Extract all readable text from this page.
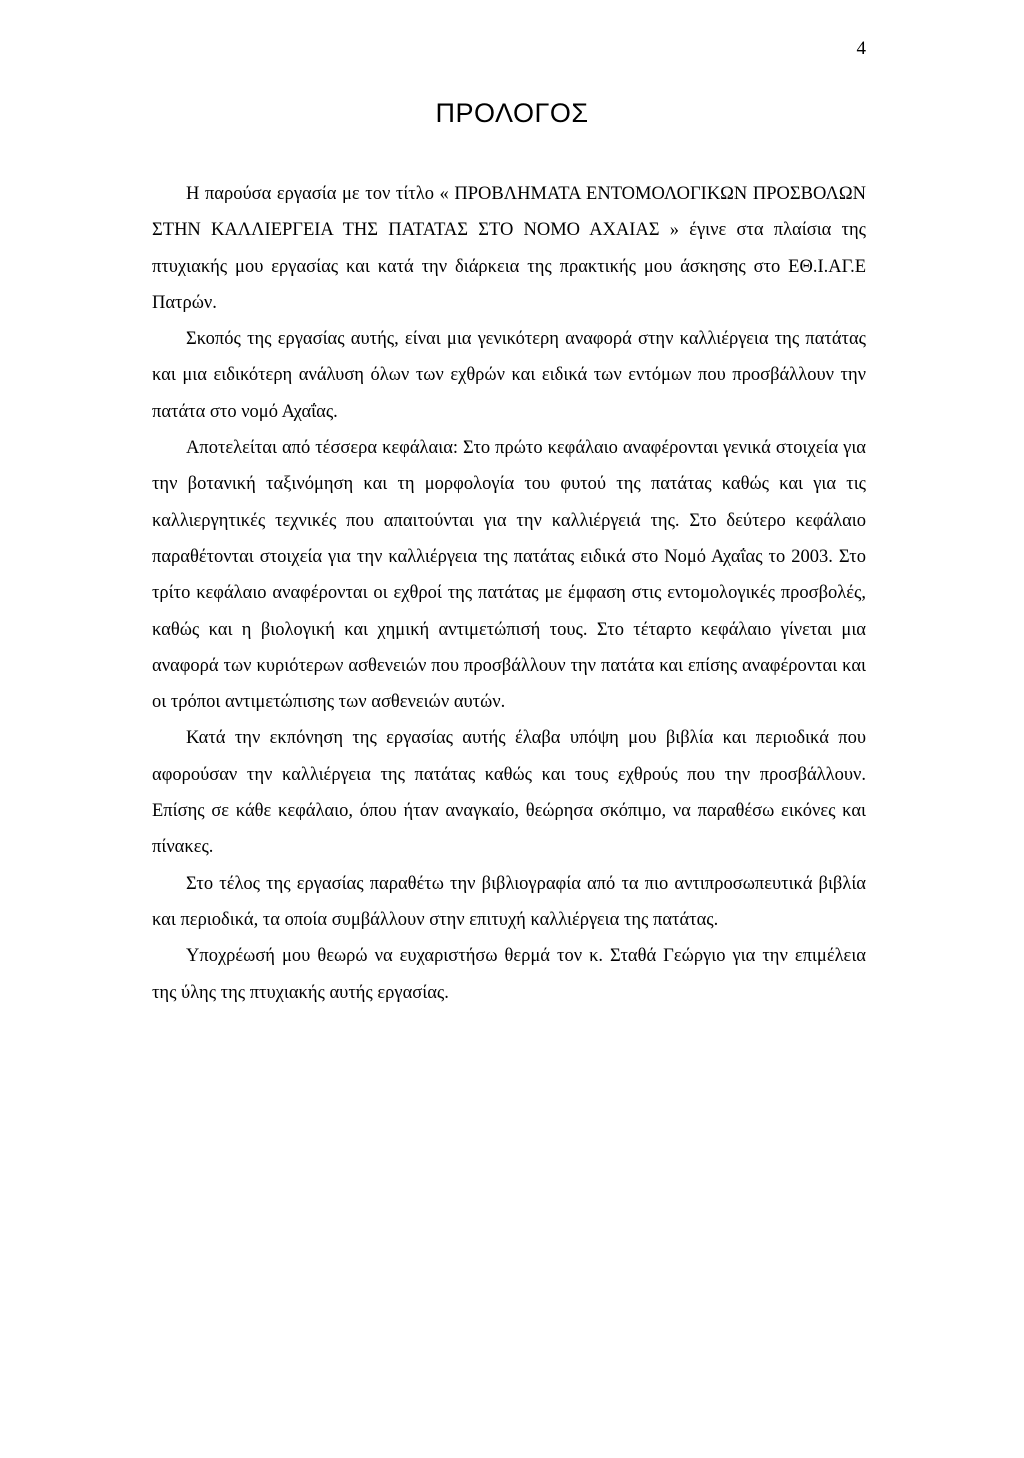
4
ΠΡΟΛΟΓΟΣ

Η παρούσα εργασία με τον τίτλο « ΠΡΟΒΛΗΜΑΤΑ ΕΝΤΟΜΟΛΟΓΙΚΩΝ ΠΡΟΣΒΟΛΩΝ ΣΤΗΝ ΚΑΛΛΙΕΡΓΕΙΑ ΤΗΣ ΠΑΤΑΤΑΣ ΣΤΟ ΝΟΜΟ ΑΧΑΙΑΣ » έγινε στα πλαίσια της πτυχιακής μου εργασίας και κατά την διάρκεια της πρακτικής μου άσκησης στο ΕΘ.Ι.ΑΓ.Ε Πατρών.

Σκοπός της εργασίας αυτής, είναι μια γενικότερη αναφορά στην καλλιέργεια της πατάτας και μια ειδικότερη ανάλυση όλων των εχθρών και ειδικά των εντόμων που προσβάλλουν την πατάτα στο νομό Αχαΐας.

Αποτελείται από τέσσερα κεφάλαια: Στο πρώτο κεφάλαιο αναφέρονται γενικά στοιχεία για την βοτανική ταξινόμηση και τη μορφολογία του φυτού της πατάτας καθώς και για τις καλλιεργητικές τεχνικές που απαιτούνται για την καλλιέργειά της. Στο δεύτερο κεφάλαιο παραθέτονται στοιχεία για την καλλιέργεια της πατάτας ειδικά στο Νομό Αχαΐας το 2003. Στο τρίτο κεφάλαιο αναφέρονται οι εχθροί της πατάτας με έμφαση στις εντομολογικές προσβολές, καθώς και η βιολογική και χημική αντιμετώπισή τους. Στο τέταρτο κεφάλαιο γίνεται μια αναφορά των κυριότερων ασθενειών που προσβάλλουν την πατάτα και επίσης αναφέρονται και οι τρόποι αντιμετώπισης των ασθενειών αυτών.

Κατά την εκπόνηση της εργασίας αυτής έλαβα υπόψη μου βιβλία και περιοδικά που αφορούσαν την καλλιέργεια της πατάτας καθώς και τους εχθρούς που την προσβάλλουν. Επίσης σε κάθε κεφάλαιο, όπου ήταν αναγκαίο, θεώρησα σκόπιμο, να παραθέσω εικόνες και πίνακες.

Στο τέλος της εργασίας παραθέτω την βιβλιογραφία από τα πιο αντιπροσωπευτικά βιβλία και περιοδικά, τα οποία συμβάλλουν στην επιτυχή καλλιέργεια της πατάτας.

Υποχρέωσή μου θεωρώ να ευχαριστήσω θερμά τον κ. Σταθά Γεώργιο για την επιμέλεια της ύλης της πτυχιακής αυτής εργασίας.
